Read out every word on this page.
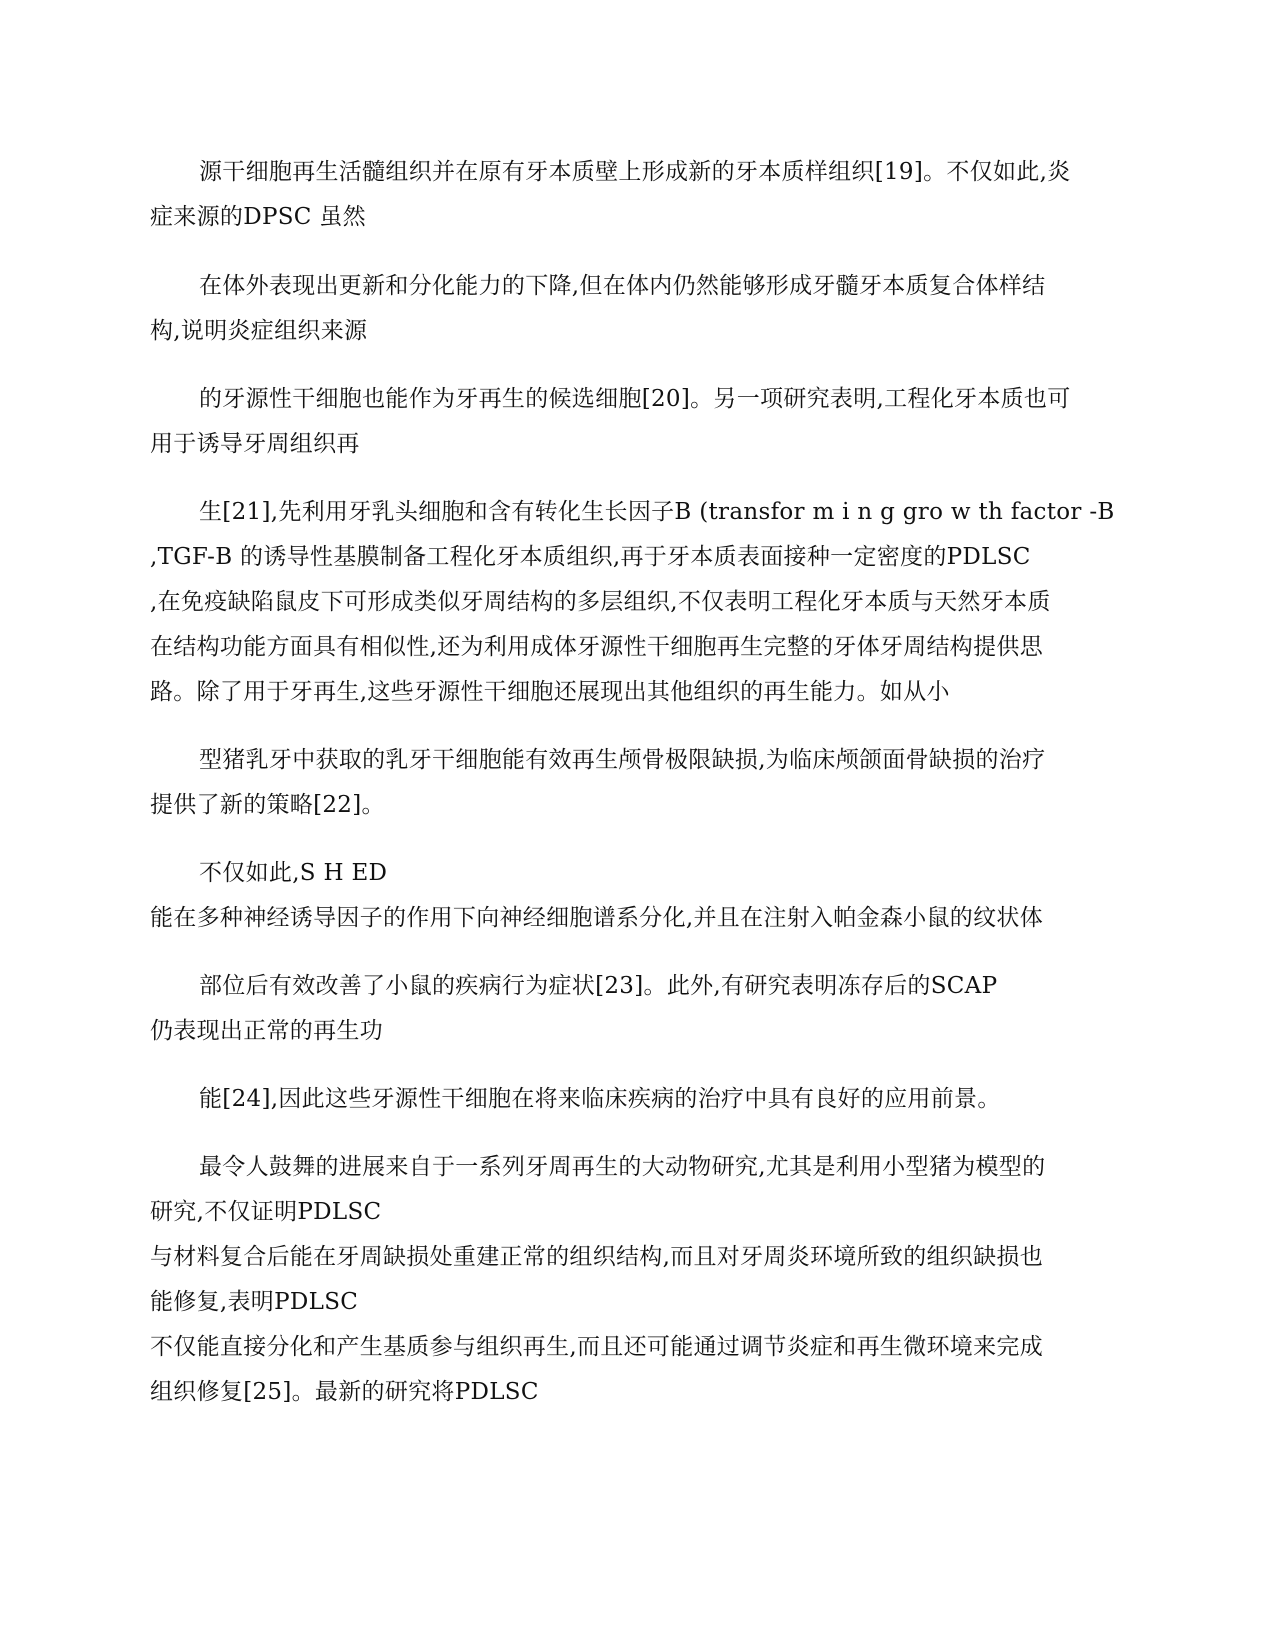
源干细胞再生活髓组织并在原有牙本质壁上形成新的牙本质样组织[19]。不仅如此,炎
症来源的DPSC 虽然
在体外表现出更新和分化能力的下降,但在体内仍然能够形成牙髓牙本质复合体样结
构,说明炎症组织来源
的牙源性干细胞也能作为牙再生的候选细胞[20]。另一项研究表明,工程化牙本质也可
用于诱导牙周组织再
生[21],先利用牙乳头细胞和含有转化生长因子B (transfor m i n g gro w th factor -B
,TGF-B 的诱导性基膜制备工程化牙本质组织,再于牙本质表面接种一定密度的PDLSC
,在免疫缺陷鼠皮下可形成类似牙周结构的多层组织,不仅表明工程化牙本质与天然牙本质
在结构功能方面具有相似性,还为利用成体牙源性干细胞再生完整的牙体牙周结构提供思
路。除了用于牙再生,这些牙源性干细胞还展现出其他组织的再生能力。如从小
型猪乳牙中获取的乳牙干细胞能有效再生颅骨极限缺损,为临床颅颌面骨缺损的治疗
提供了新的策略[22]。
不仅如此,S H ED
能在多种神经诱导因子的作用下向神经细胞谱系分化,并且在注射入帕金森小鼠的纹状体
部位后有效改善了小鼠的疾病行为症状[23]。此外,有研究表明冻存后的SCAP
仍表现出正常的再生功
能[24],因此这些牙源性干细胞在将来临床疾病的治疗中具有良好的应用前景。
最令人鼓舞的进展来自于一系列牙周再生的大动物研究,尤其是利用小型猪为模型的
研究,不仅证明PDLSC
与材料复合后能在牙周缺损处重建正常的组织结构,而且对牙周炎环境所致的组织缺损也
能修复,表明PDLSC
不仅能直接分化和产生基质参与组织再生,而且还可能通过调节炎症和再生微环境来完成
组织修复[25]。最新的研究将PDLSC
